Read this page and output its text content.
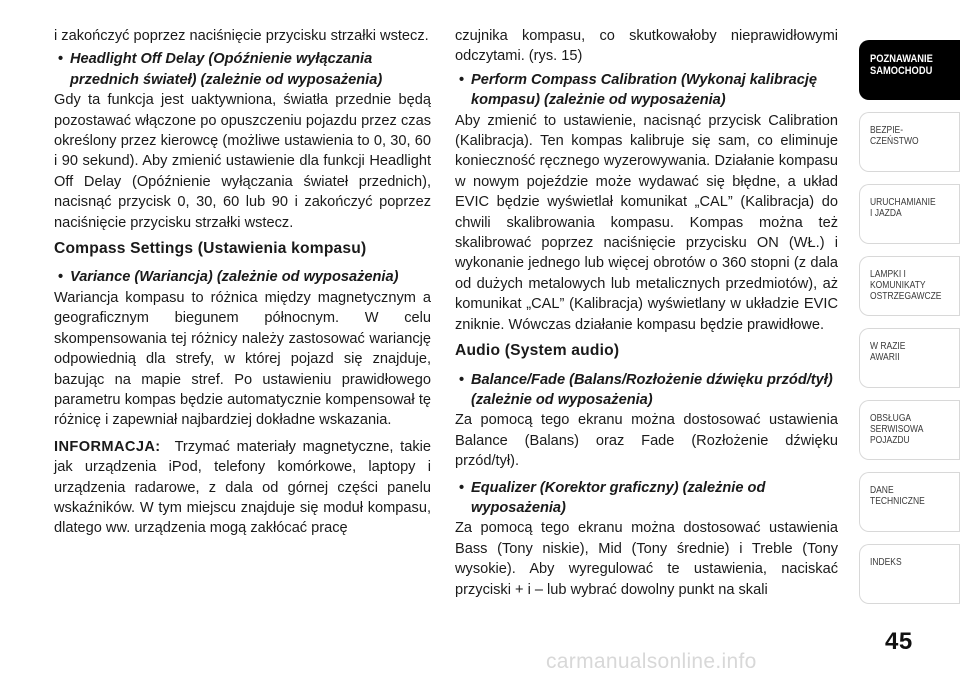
i zakończyć poprzez naciśnięcie przycisku strzałki wstecz.

• Headlight Off Delay (Opóźnienie wyłączania przednich świateł) (zależnie od wyposażenia)

Gdy ta funkcja jest uaktywniona, światła przednie będą pozostawać włączone po opuszczeniu pojazdu przez czas określony przez kierowcę (możliwe ustawienia to 0, 30, 60 i 90 sekund). Aby zmienić ustawienie dla funkcji Headlight Off Delay (Opóźnienie wyłączania świateł przednich), nacisnąć przycisk 0, 30, 60 lub 90 i zakończyć poprzez naciśnięcie przycisku strzałki wstecz.

Compass Settings (Ustawienia kompasu)

• Variance (Wariancja) (zależnie od wyposażenia)

Wariancja kompasu to różnica między magnetycznym a geograficznym biegunem północnym. W celu skompensowania tej różnicy należy zastosować wariancję odpowiednią dla strefy, w której pojazd się znajduje, bazując na mapie stref. Po ustawieniu prawidłowego parametru kompas będzie automatycznie kompensował tę różnicę i zapewniał najbardziej dokładne wskazania.

INFORMACJA: Trzymać materiały magnetyczne, takie jak urządzenia iPod, telefony komórkowe, laptopy i urządzenia radarowe, z dala od górnej części panelu wskaźników. W tym miejscu znajduje się moduł kompasu, dlatego ww. urządzenia mogą zakłócać pracę

czujnika kompasu, co skutkowałoby nieprawidłowymi odczytami. (rys. 15)

• Perform Compass Calibration (Wykonaj kalibrację kompasu) (zależnie od wyposażenia)

Aby zmienić to ustawienie, nacisnąć przycisk Calibration (Kalibracja). Ten kompas kalibruje się sam, co eliminuje konieczność ręcznego wyzerowywania. Działanie kompasu w nowym pojeździe może wydawać się błędne, a układ EVIC będzie wyświetlał komunikat „CAL” (Kalibracja) do chwili skalibrowania kompasu. Kompas można też skalibrować poprzez naciśnięcie przycisku ON (WŁ.) i wykonanie jednego lub więcej obrotów o 360 stopni (z dala od dużych metalowych lub metalicznych przedmiotów), aż komunikat „CAL” (Kalibracja) wyświetlany w układzie EVIC zniknie. Wówczas działanie kompasu będzie prawidłowe.

Audio (System audio)

• Balance/Fade (Balans/Rozłożenie dźwięku przód/tył) (zależnie od wyposażenia)

Za pomocą tego ekranu można dostosować ustawienia Balance (Balans) oraz Fade (Rozłożenie dźwięku przód/tył).

• Equalizer (Korektor graficzny) (zależnie od wyposażenia)

Za pomocą tego ekranu można dostosować ustawienia Bass (Tony niskie), Mid (Tony średnie) i Treble (Tony wysokie). Aby wyregulować te ustawienia, naciskać przyciski + i – lub wybrać dowolny punkt na skali

POZNAWANIE
SAMOCHODU
BEZPIE-
CZEŃSTWO
URUCHAMIANIE
I JAZDA
LAMPKI I
KOMUNIKATY
OSTRZEGAWCZE
W RAZIE
AWARII
OBSŁUGA
SERWISOWA
POJAZDU
DANE
TECHNICZNE
INDEKS
45
carmanualsonline.info
